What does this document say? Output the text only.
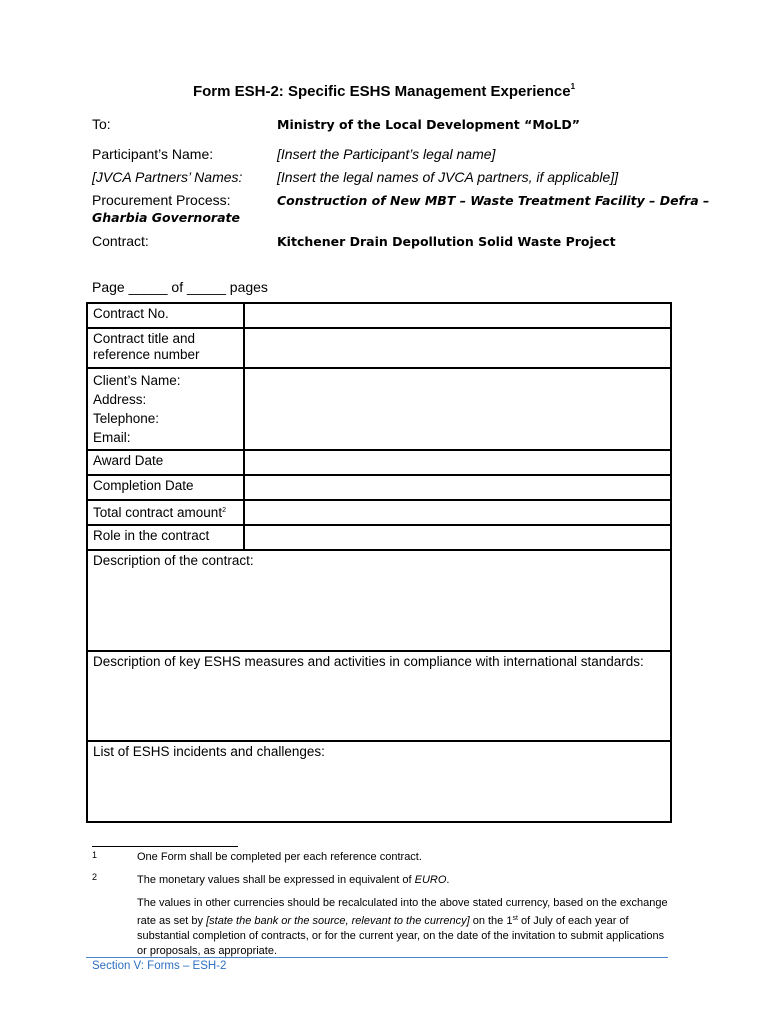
Form ESH-2: Specific ESHS Management Experience$^1$
To:	Ministry of the Local Development “MoLD”
Participant’s Name:	[Insert the Participant’s legal name]
[JVCA Partners’ Names: [Insert the legal names of JVCA partners, if applicable]]
Procurement Process:	Construction of New MBT – Waste Treatment Facility – Defra –
Gharbia Governorate
Contract:	Kitchener Drain Depollution Solid Waste Project
Page _____ of _____ pages
Contract No.	
Contract title and reference number	

Client’s Name:
Address:
Telephone:
Email:	

Award Date	
Completion Date	
Total contract amount$^2$	
Role in the contract	

Description of the contract:	

Description of key ESHS measures and activities in compliance with international standards:	

List of ESHS incidents and challenges:	
1	One Form shall be completed per each reference contract.
2	The monetary values shall be expressed in equivalent of EURO.
The values in other currencies should be recalculated into the above stated currency, based on the exchange rate as set by [state the bank or the source, relevant to the currency] on the 1st of July of each year of substantial completion of contracts, or for the current year, on the date of the invitation to submit applications or proposals, as appropriate.
Section V: Forms – ESH-2
